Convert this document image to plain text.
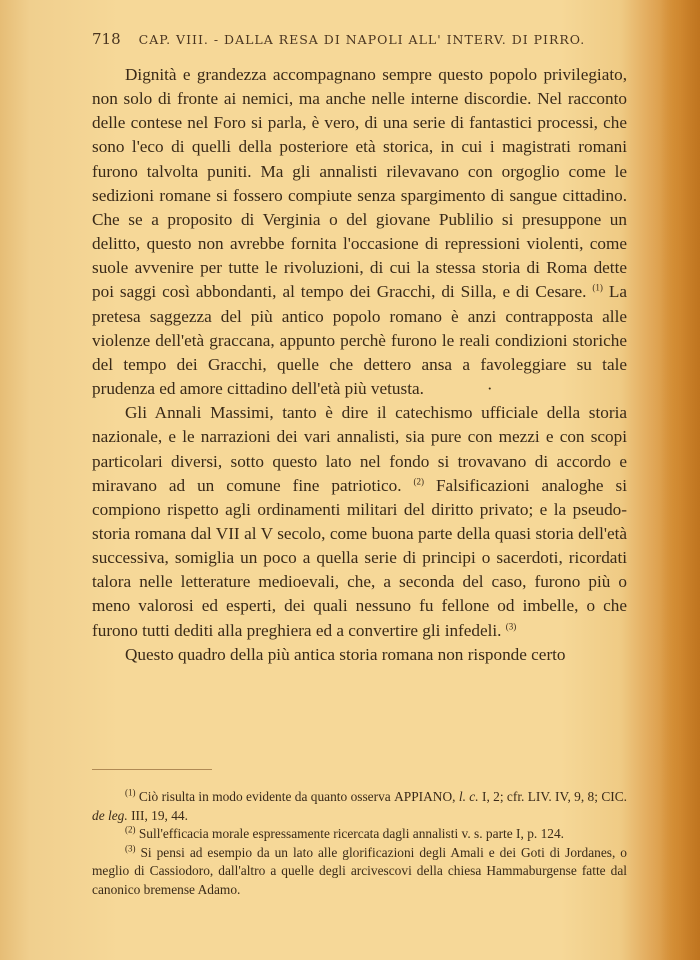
718 CAP. VIII. - DALLA RESA DI NAPOLI ALL' INTERV. DI PIRRO.

Dignità e grandezza accompagnano sempre questo popolo privilegiato, non solo di fronte ai nemici, ma anche nelle interne discordie. Nel racconto delle contese nel Foro si parla, è vero, di una serie di fantastici processi, che sono l'eco di quelli della posteriore età storica, in cui i magistrati romani furono talvolta puniti. Ma gli annalisti rilevavano con orgoglio come le sedizioni romane si fossero compiute senza spargimento di sangue cittadino. Che se a proposito di Verginia o del giovane Publilio si presuppone un delitto, questo non avrebbe fornita l'occasione di repressioni violenti, come suole avvenire per tutte le rivoluzioni, di cui la stessa storia di Roma dette poi saggi così abbondanti, al tempo dei Gracchi, di Silla, e di Cesare. $^{(1)}$ La pretesa saggezza del più antico popolo romano è anzi contrapposta alle violenze dell'età graccana, appunto perchè furono le reali condizioni storiche del tempo dei Gracchi, quelle che dettero ansa a favoleggiare su tale prudenza ed amore cittadino dell'età più vetusta.	·

Gli Annali Massimi, tanto è dire il catechismo ufficiale della storia nazionale, e le narrazioni dei vari annalisti, sia pure con mezzi e con scopi particolari diversi, sotto questo lato nel fondo si trovavano di accordo e miravano ad un comune fine patriotico. $^{(2)}$ Falsificazioni analoghe si compiono rispetto agli ordinamenti militari del diritto privato; e la pseudo-storia romana dal VII al V secolo, come buona parte della quasi storia dell'età successiva, somiglia un poco a quella serie di principi o sacerdoti, ricordati talora nelle letterature medioevali, che, a seconda del caso, furono più o meno valorosi ed esperti, dei quali nessuno fu fellone od imbelle, o che furono tutti dediti alla preghiera ed a convertire gli infedeli. $^{(3)}$

Questo quadro della più antica storia romana non risponde certo

$^{(1)}$ Ciò risulta in modo evidente da quanto osserva APPIANO, l. c. I, 2; cfr. LIV. IV, 9, 8; CIC. de leg. III, 19, 44.

$^{(2)}$ Sull'efficacia morale espressamente ricercata dagli annalisti v. s. parte I, p. 124.

$^{(3)}$ Si pensi ad esempio da un lato alle glorificazioni degli Amali e dei Goti di Jordanes, o meglio di Cassiodoro, dall'altro a quelle degli arcivescovi della chiesa Hammaburgense fatte dal canonico bremense Adamo.
